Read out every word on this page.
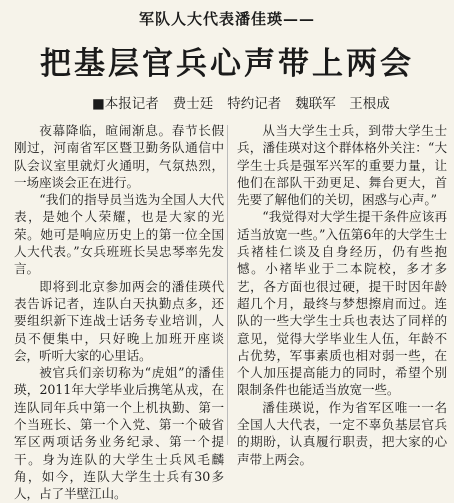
军队人大代表潘佳瑛——
把基层官兵心声带上两会
■本报记者 费士廷 特约记者 魏联军　王根成

夜幕降临，暄闹渐息。春节长假刚过，河南省军区暨卫勤务队通信中队会议室里就灯火通明，气氛热烈，一场座谈会正在进行。

“我们的指导员当选为全国人大代表，是她个人荣耀，也是大家的光荣。她可是响应历史上的第一位全国人大代表。”女兵班班长吴忠琴率先发言。

即将到北京参加两会的潘佳瑛代表告诉记者，连队白天执勤点多，还要组织新下连战士话务专业培训，人员不便集中，只好晚上加班开座谈会，听听大家的心里话。

被官兵们亲切称为“虎姐”的潘佳瑛，2011年大学毕业后携笔从戎，在连队同年兵中第一个上机执勤、第一个当班长、第一个入党、第一个破省军区两项话务业务纪录、第一个提干。身为连队的大学生士兵风毛麟角，如今，连队大学生士兵有30多人，占了半壁江山。

从当大学生士兵，到带大学生士兵，潘佳瑛对这个群体格外关注：“大学生士兵是强军兴军的重要力量，让他们在部队干劲更足、舞台更大，首先要了解他们的关切，困惑与心声。”

“我觉得对大学生提干条件应该再适当放宽一些。”入伍第6年的大学生士兵褚桂仁谈及自身经历，仍有些抱憾。小褚毕业于二本院校，多才多艺，各方面也很过硬，提干时因年龄超几个月，最终与梦想擦肩而过。连队的一些大学生士兵也表达了同样的意见，觉得大学毕业生人伍，年龄不占优势，军事素质也相对弱一些，在个人加压提高能力的同时，希望个别限制条件也能适当放宽一些。

潘佳瑛说，作为省军区唯一一名全国人大代表，一定不辜负基层官兵的期盼，认真履行职责，把大家的心声带上两会。
